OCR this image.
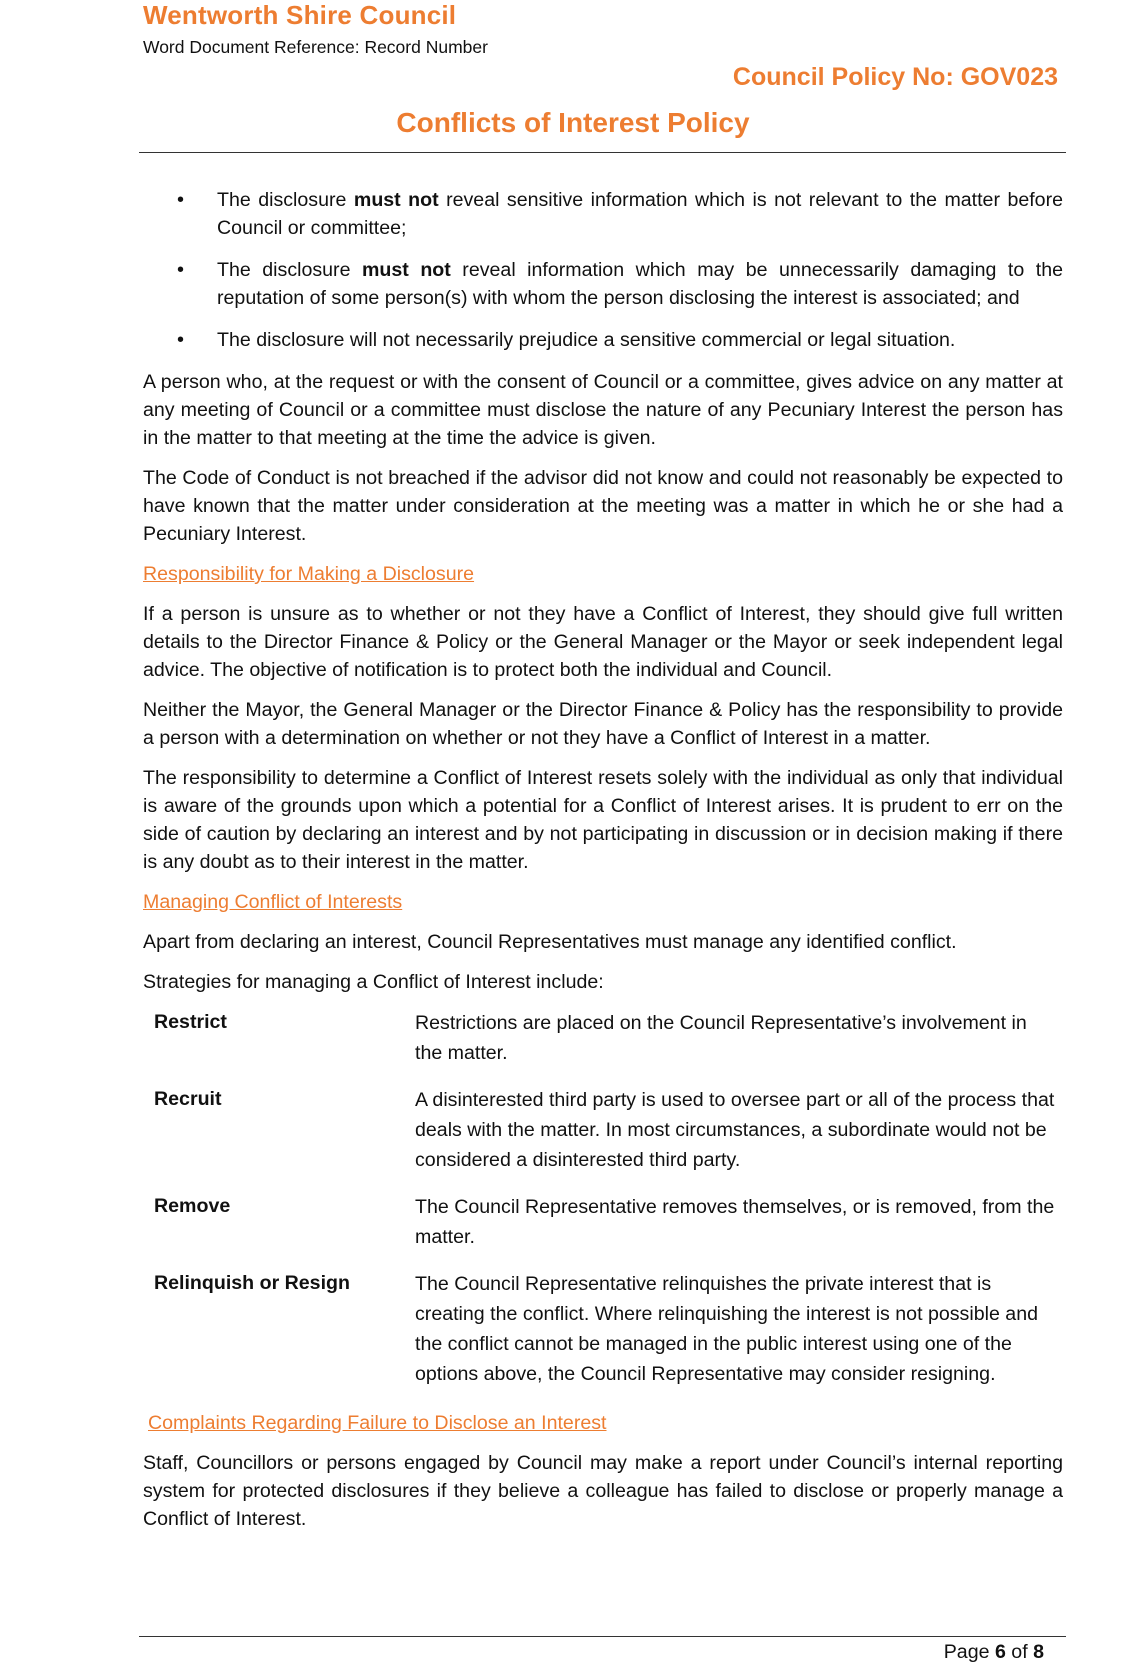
Wentworth Shire Council
Word Document Reference: Record Number
Council Policy No: GOV023
Conflicts of Interest Policy
• The disclosure must not reveal sensitive information which is not relevant to the matter before Council or committee;
• The disclosure must not reveal information which may be unnecessarily damaging to the reputation of some person(s) with whom the person disclosing the interest is associated; and
• The disclosure will not necessarily prejudice a sensitive commercial or legal situation.

A person who, at the request or with the consent of Council or a committee, gives advice on any matter at any meeting of Council or a committee must disclose the nature of any Pecuniary Interest the person has in the matter to that meeting at the time the advice is given.

The Code of Conduct is not breached if the advisor did not know and could not reasonably be expected to have known that the matter under consideration at the meeting was a matter in which he or she had a Pecuniary Interest.

Responsibility for Making a Disclosure

If a person is unsure as to whether or not they have a Conflict of Interest, they should give full written details to the Director Finance & Policy or the General Manager or the Mayor or seek independent legal advice. The objective of notification is to protect both the individual and Council.

Neither the Mayor, the General Manager or the Director Finance & Policy has the responsibility to provide a person with a determination on whether or not they have a Conflict of Interest in a matter.

The responsibility to determine a Conflict of Interest resets solely with the individual as only that individual is aware of the grounds upon which a potential for a Conflict of Interest arises. It is prudent to err on the side of caution by declaring an interest and by not participating in discussion or in decision making if there is any doubt as to their interest in the matter.

Managing Conflict of Interests

Apart from declaring an interest, Council Representatives must manage any identified conflict.

Strategies for managing a Conflict of Interest include:

Restrict	Restrictions are placed on the Council Representative’s involvement in the matter.
Recruit	A disinterested third party is used to oversee part or all of the process that deals with the matter. In most circumstances, a subordinate would not be considered a disinterested third party.
Remove	The Council Representative removes themselves, or is removed, from the matter.
Relinquish or Resign	The Council Representative relinquishes the private interest that is creating the conflict. Where relinquishing the interest is not possible and the conflict cannot be managed in the public interest using one of the options above, the Council Representative may consider resigning.

Complaints Regarding Failure to Disclose an Interest

Staff, Councillors or persons engaged by Council may make a report under Council’s internal reporting system for protected disclosures if they believe a colleague has failed to disclose or properly manage a Conflict of Interest.

Page 6 of 8
